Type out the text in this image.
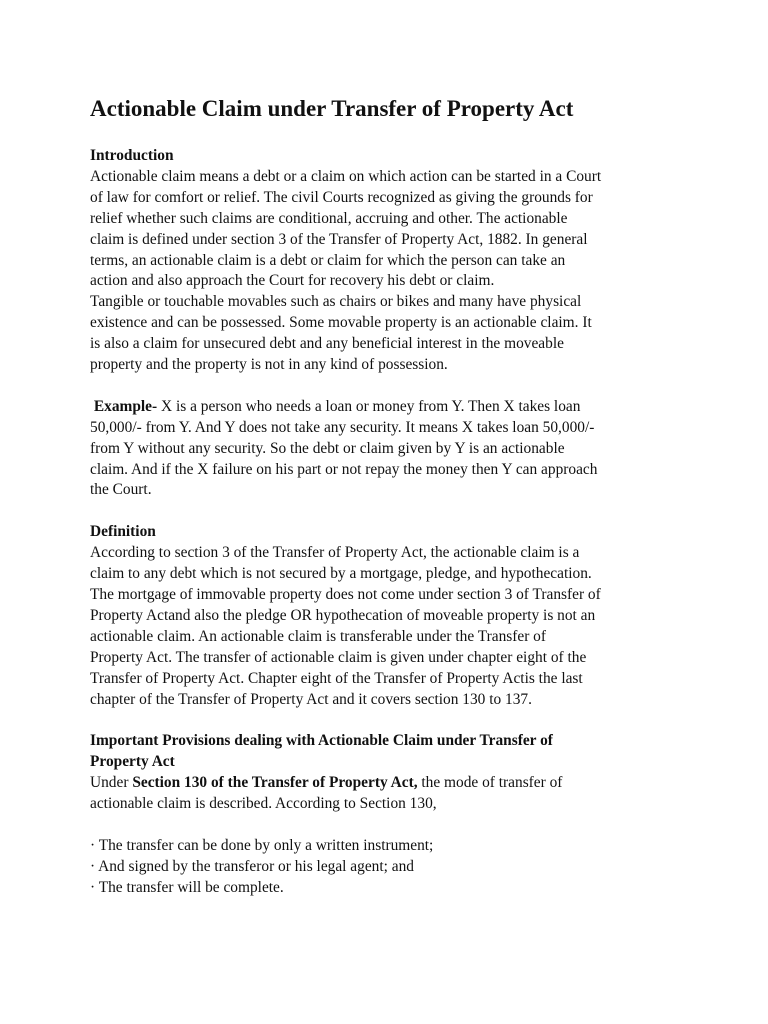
Actionable Claim under Transfer of Property Act
Introduction
Actionable claim means a debt or a claim on which action can be started in a Court
of law for comfort or relief. The civil Courts recognized as giving the grounds for
relief whether such claims are conditional, accruing and other. The actionable
claim is defined under section 3 of the Transfer of Property Act, 1882. In general
terms, an actionable claim is a debt or claim for which the person can take an
action and also approach the Court for recovery his debt or claim.
Tangible or touchable movables such as chairs or bikes and many have physical
existence and can be possessed. Some movable property is an actionable claim. It
is also a claim for unsecured debt and any beneficial interest in the moveable
property and the property is not in any kind of possession.
Example- X is a person who needs a loan or money from Y. Then X takes loan
50,000/- from Y. And Y does not take any security. It means X takes loan 50,000/-
from Y without any security. So the debt or claim given by Y is an actionable
claim. And if the X failure on his part or not repay the money then Y can approach
the Court.
Definition
According to section 3 of the Transfer of Property Act, the actionable claim is a
claim to any debt which is not secured by a mortgage, pledge, and hypothecation.
The mortgage of immovable property does not come under section 3 of Transfer of
Property Actand also the pledge OR hypothecation of moveable property is not an
actionable claim. An actionable claim is transferable under the Transfer of
Property Act. The transfer of actionable claim is given under chapter eight of the
Transfer of Property Act. Chapter eight of the Transfer of Property Actis the last
chapter of the Transfer of Property Act and it covers section 130 to 137.
Important Provisions dealing with Actionable Claim under Transfer of
Property Act
Under Section 130 of the Transfer of Property Act, the mode of transfer of
actionable claim is described. According to Section 130,
· The transfer can be done by only a written instrument;
· And signed by the transferor or his legal agent; and
· The transfer will be complete.
